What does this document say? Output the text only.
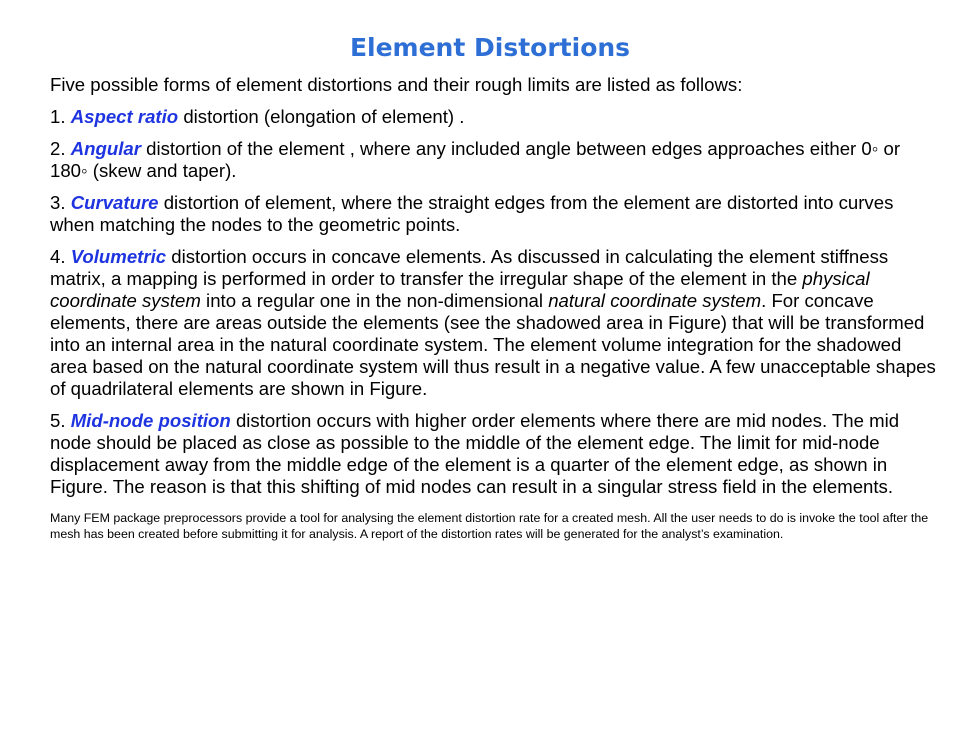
Element Distortions

Five possible forms of element distortions and their rough limits are listed as follows:

1. Aspect ratio distortion (elongation of element) .

2. Angular distortion of the element , where any included angle between edges approaches either 0◦ or 180◦ (skew and taper).

3. Curvature distortion of element, where the straight edges from the element are distorted into curves when matching the nodes to the geometric points.

4. Volumetric distortion occurs in concave elements. As discussed in calculating the element stiffness matrix, a mapping is performed in order to transfer the irregular shape of the element in the physical coordinate system into a regular one in the non-dimensional natural coordinate system. For concave elements, there are areas outside the elements (see the shadowed area in Figure) that will be transformed into an internal area in the natural coordinate system. The element volume integration for the shadowed area based on the natural coordinate system will thus result in a negative value. A few unacceptable shapes of quadrilateral elements are shown in Figure.

5. Mid-node position distortion occurs with higher order elements where there are mid nodes. The mid node should be placed as close as possible to the middle of the element edge. The limit for mid-node displacement away from the middle edge of the element is a quarter of the element edge, as shown in Figure. The reason is that this shifting of mid nodes can result in a singular stress field in the elements.

Many FEM package preprocessors provide a tool for analysing the element distortion rate for a created mesh. All the user needs to do is invoke the tool after the mesh has been created before submitting it for analysis. A report of the distortion rates will be generated for the analyst’s examination.
